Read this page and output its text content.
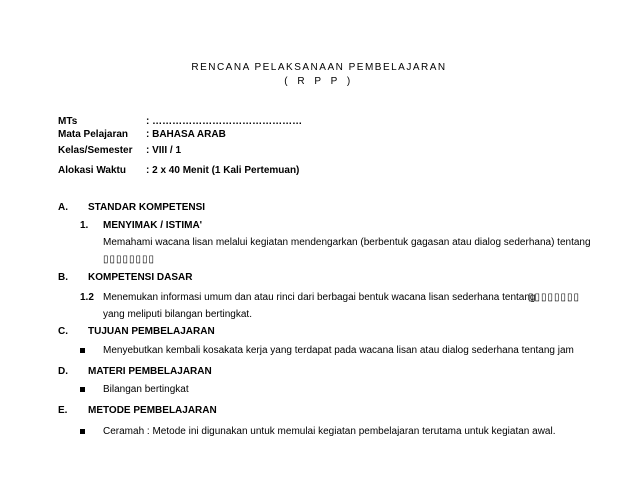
RENCANA PELAKSANAAN PEMBELAJARAN
( R P P )
MTs	: ………………………………………
Mata Pelajaran : BAHASA ARAB
Kelas/Semester : VIII / 1
Alokasi Waktu : 2 x 40 Menit (1 Kali Pertemuan)
A. STANDAR KOMPETENSI
1. MENYIMAK / ISTIMA'
Memahami wacana lisan melalui kegiatan mendengarkan (berbentuk gagasan atau dialog sederhana) tentang
▯▯▯▯▯▯▯▯
B. KOMPETENSI DASAR
1.2 Menemukan informasi umum dan atau rinci dari berbagai bentuk wacana lisan sederhana tentang
▯▯▯▯▯▯▯▯
yang meliputi bilangan bertingkat.
C. TUJUAN PEMBELAJARAN
Menyebutkan kembali kosakata kerja yang terdapat pada wacana lisan atau dialog sederhana tentang jam
D. MATERI PEMBELAJARAN
Bilangan bertingkat
E. METODE PEMBELAJARAN
Ceramah : Metode ini digunakan untuk memulai kegiatan pembelajaran terutama untuk kegiatan awal.
